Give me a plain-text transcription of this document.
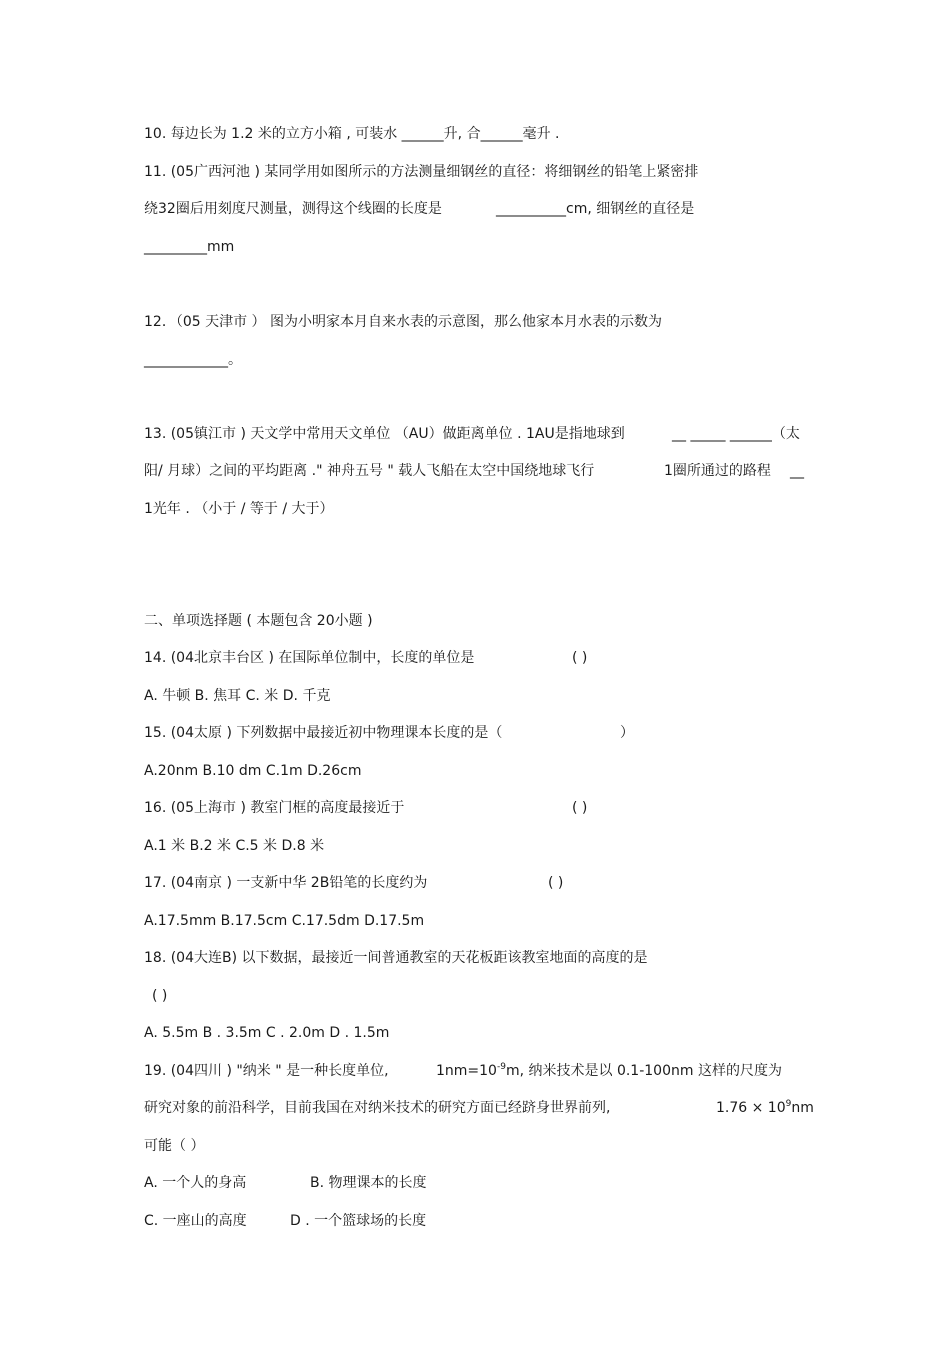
10. 每边长为 1.2 米的立方小箱 , 可装水 ______升, 合______毫升 .
11. (05广西河池 ) 某同学用如图所示的方法测量细钢丝的直径：将细钢丝的铅笔上紧密排
绕32圈后用刻度尺测量，测得这个线圈的长度是	__________cm, 细钢丝的直径是
_________mm
12．（05 天津市 ） 图为小明家本月自来水表的示意图，那么他家本月水表的示数为
____________。
13. (05镇江市 ) 天文学中常用天文单位 （AU）做距离单位 . 1AU是指地球到	__ _____ ______（太
阳/ 月球）之间的平均距离 ." 神舟五号 " 载人飞船在太空中国绕地球飞行	1圈所通过的路程 __
1光年 . （小于 / 等于 / 大于）
二、单项选择题 ( 本题包含 20小题 )
14. (04北京丰台区 ) 在国际单位制中，长度的单位是	( )
A. 牛顿 B. 焦耳 C. 米 D. 千克
15. (04太原 ) 下列数据中最接近初中物理课本长度的是（	）
A.20nm B.10 dm C.1m D.26cm
16. (05上海市 ) 教室门框的高度最接近于	( )
A.1 米 B.2 米 C.5 米 D.8 米
17. (04南京 ) 一支新中华 2B铅笔的长度约为	( )
A.17.5mm B.17.5cm C.17.5dm D.17.5m
18. (04大连B) 以下数据，最接近一间普通教室的天花板距该教室地面的高度的是
( )
A. 5.5m B . 3.5m C . 2.0m D . 1.5m
19. (04四川 ) "纳米 " 是一种长度单位,	$1nm=10^{-9}m$, 纳米技术是以 0.1-100nm 这样的尺度为
研究对象的前沿科学，目前我国在对纳米技术的研究方面已经跻身世界前列,	$1.76 \times 10^9nm$
可能（ ）
A. 一个人的身高	B. 物理课本的长度
C. 一座山的高度	D . 一个篮球场的长度
